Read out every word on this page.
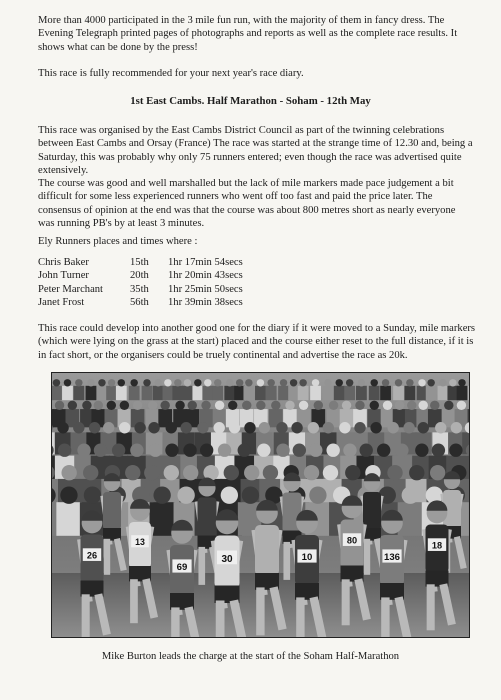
More than 4000 participated in the 3 mile fun run, with the majority of them in fancy dress. The Evening Telegraph printed pages of photographs and reports as well as the complete race results. It shows what can be done by the press!

This race is fully recommended for your next year's race diary.

1st East Cambs. Half Marathon - Soham - 12th May

This race was organised by the East Cambs District Council as part of the twinning celebrations between East Cambs and Orsay (France) The race was started at the strange time of 12.30 and, being a Saturday, this was probably why only 75 runners entered; even though the race was advertised quite extensively.

The course was good and well marshalled but the lack of mile markers made pace judgement a bit difficult for some less experienced runners who went off too fast and paid the price later. The consensus of opinion at the end was that the course was about 800 metres short as nearly everyone was running PB's by at least 3 minutes.

Ely Runners places and times where :

Chris Baker	15th	1hr 17min 54secs
John Turner	20th	1hr 20min 43secs
Peter Marchant	35th	1hr 25min 50secs
Janet Frost	56th	1hr 39min 38secs

This race could develop into another good one for the diary if it were moved to a Sunday, mile markers (which were lying on the grass at the start) placed and the course either reset to the full distance, if it is in fact short, or the organisers could be truely continental and advertise the race as 20k.

26
69
30	10
80
136
13	18

Mike Burton leads the charge at the start of the Soham Half-Marathon
